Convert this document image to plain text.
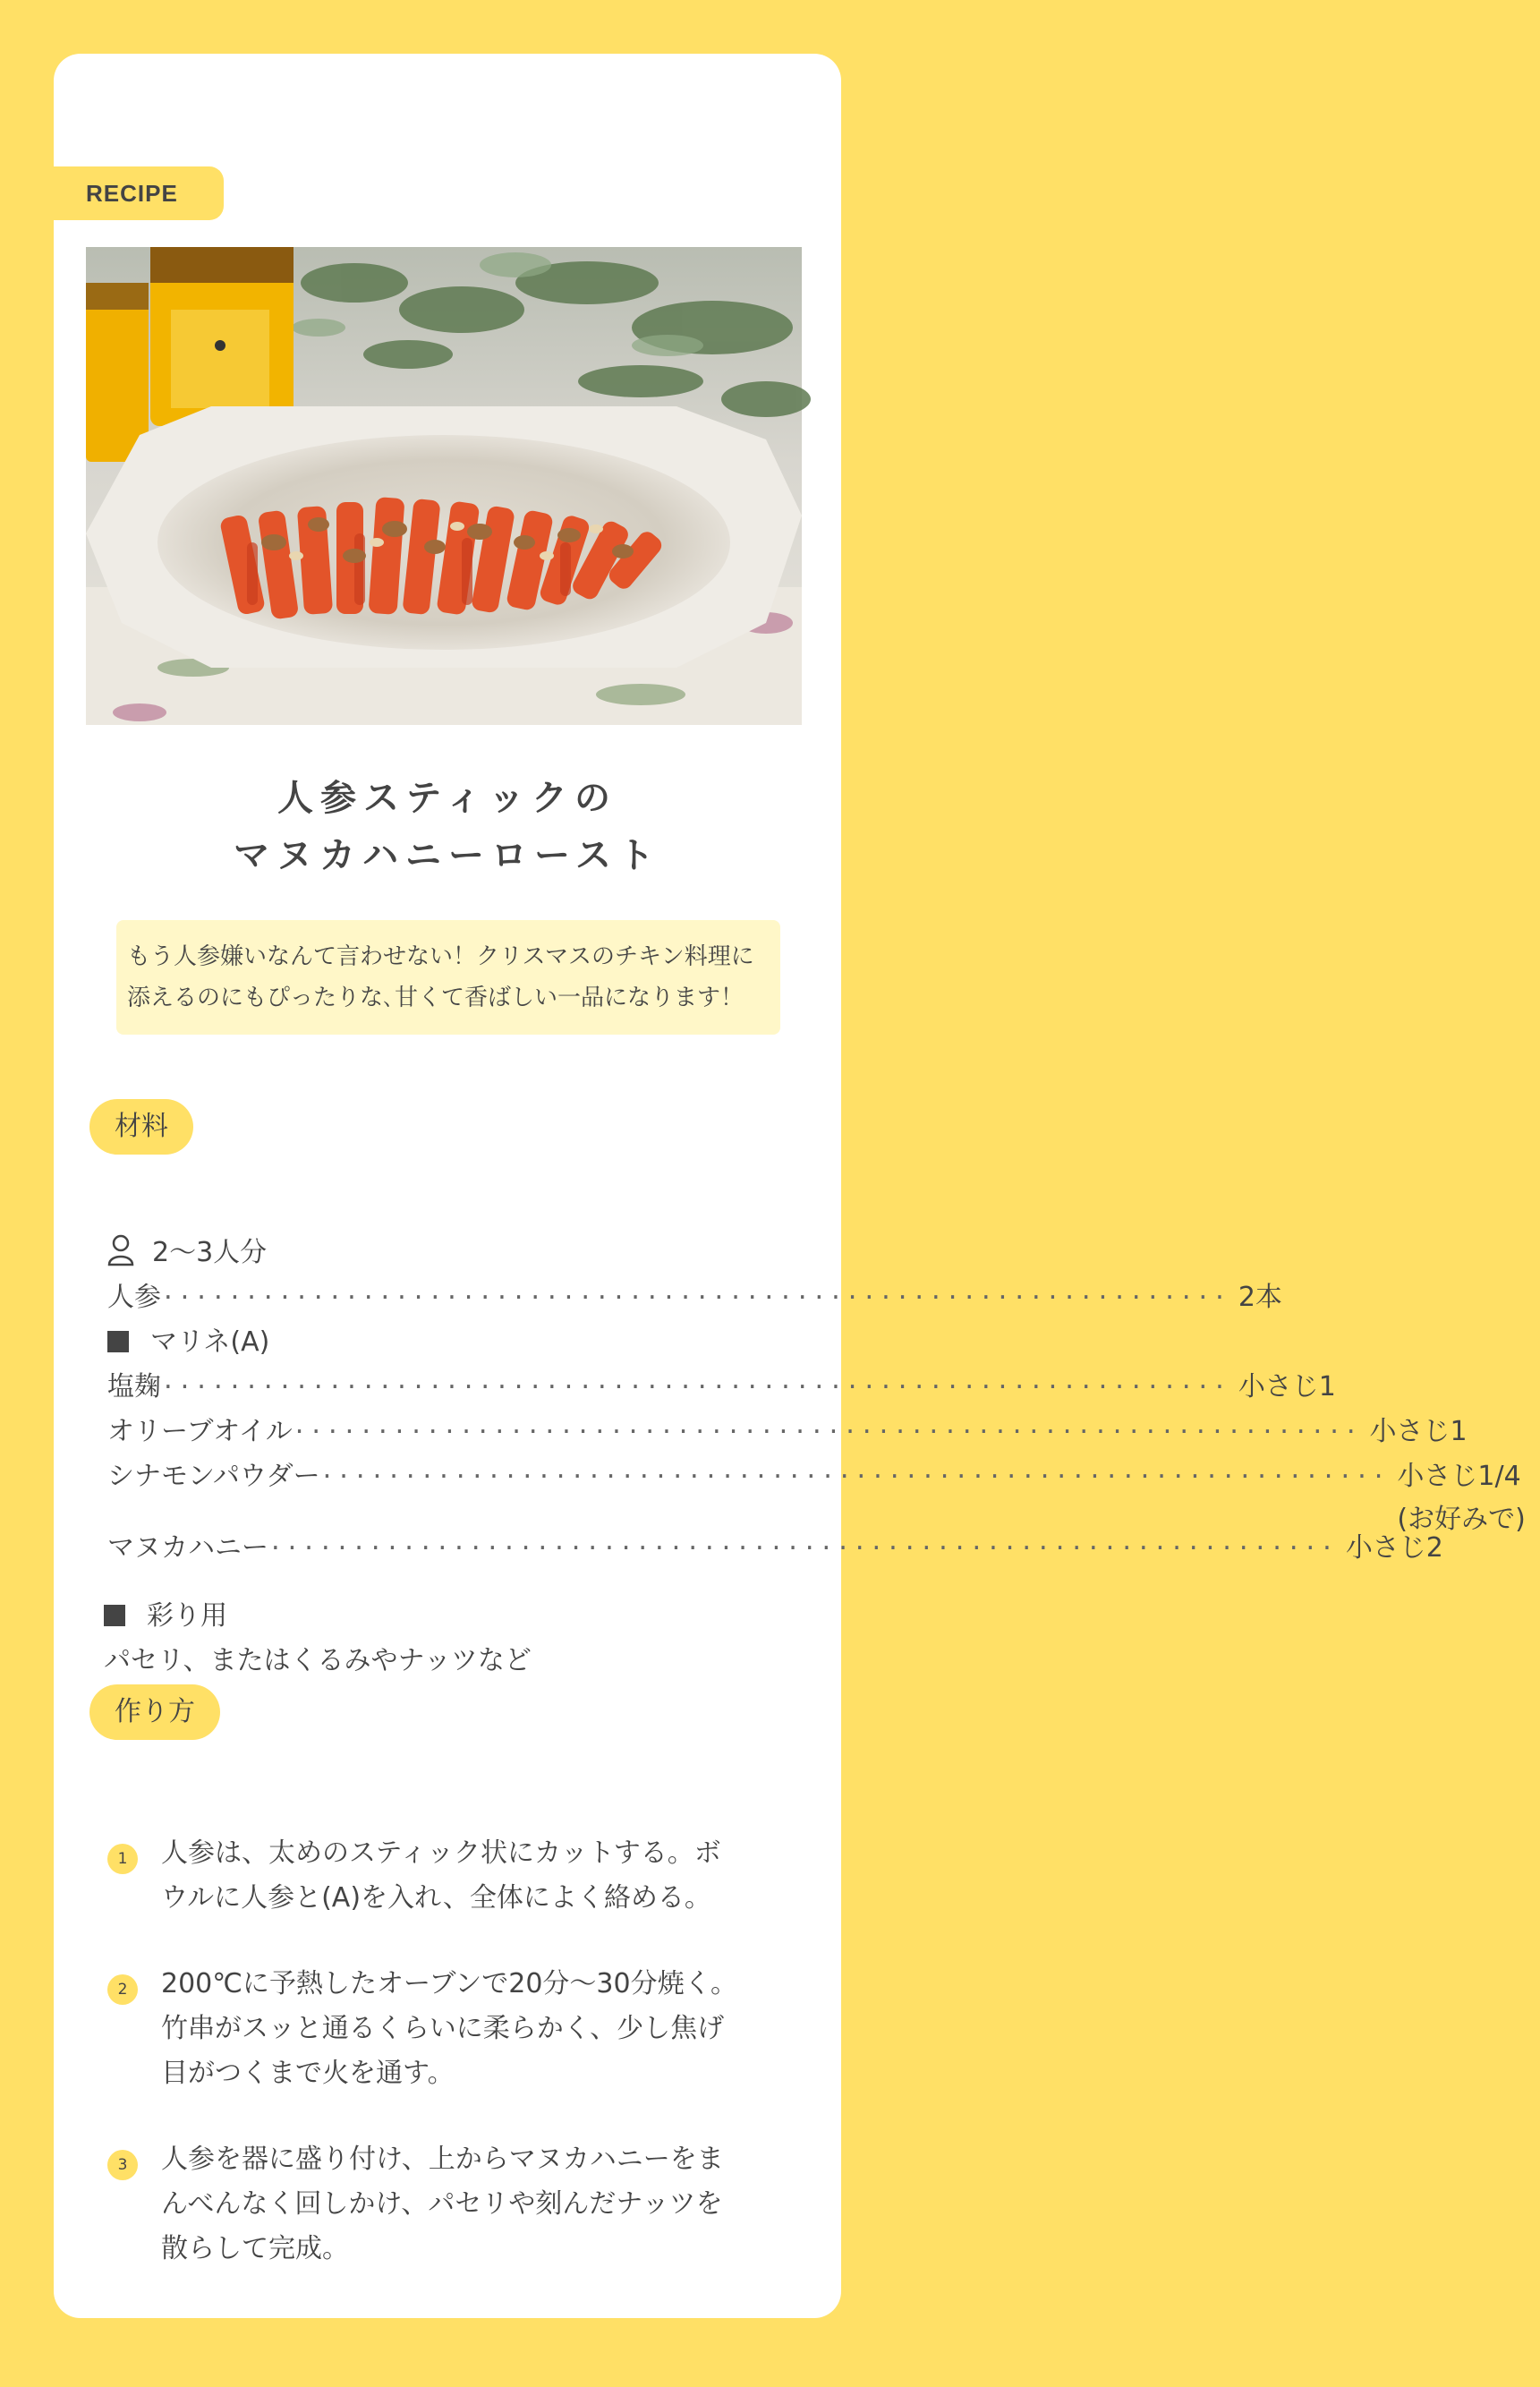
RECIPE
人参スティックの
マヌカハニーロースト
もう人参嫌いなんて言わせない！クリスマスのチキン料理に
添えるのにもぴったりな､甘くて香ばしい一品になります！
材料
2〜3人分
人参 ································································ 2本
マリネ(A)
塩麹 ································································ 小さじ1
オリーブオイル ································································ 小さじ1
シナモンパウダー ································································ 小さじ1/4
(お好みで)
マヌカハニー ································································ 小さじ2
彩り用
パセリ、またはくるみやナッツなど
作り方
1	人参は、太めのスティック状にカットする。ボ
ウルに人参と(A)を入れ、全体によく絡める。
2	200℃に予熱したオーブンで20分〜30分焼く。
竹串がスッと通るくらいに柔らかく、少し焦げ
目がつくまで火を通す。
3	人参を器に盛り付け、上からマヌカハニーをま
んべんなく回しかけ、パセリや刻んだナッツを
散らして完成。
